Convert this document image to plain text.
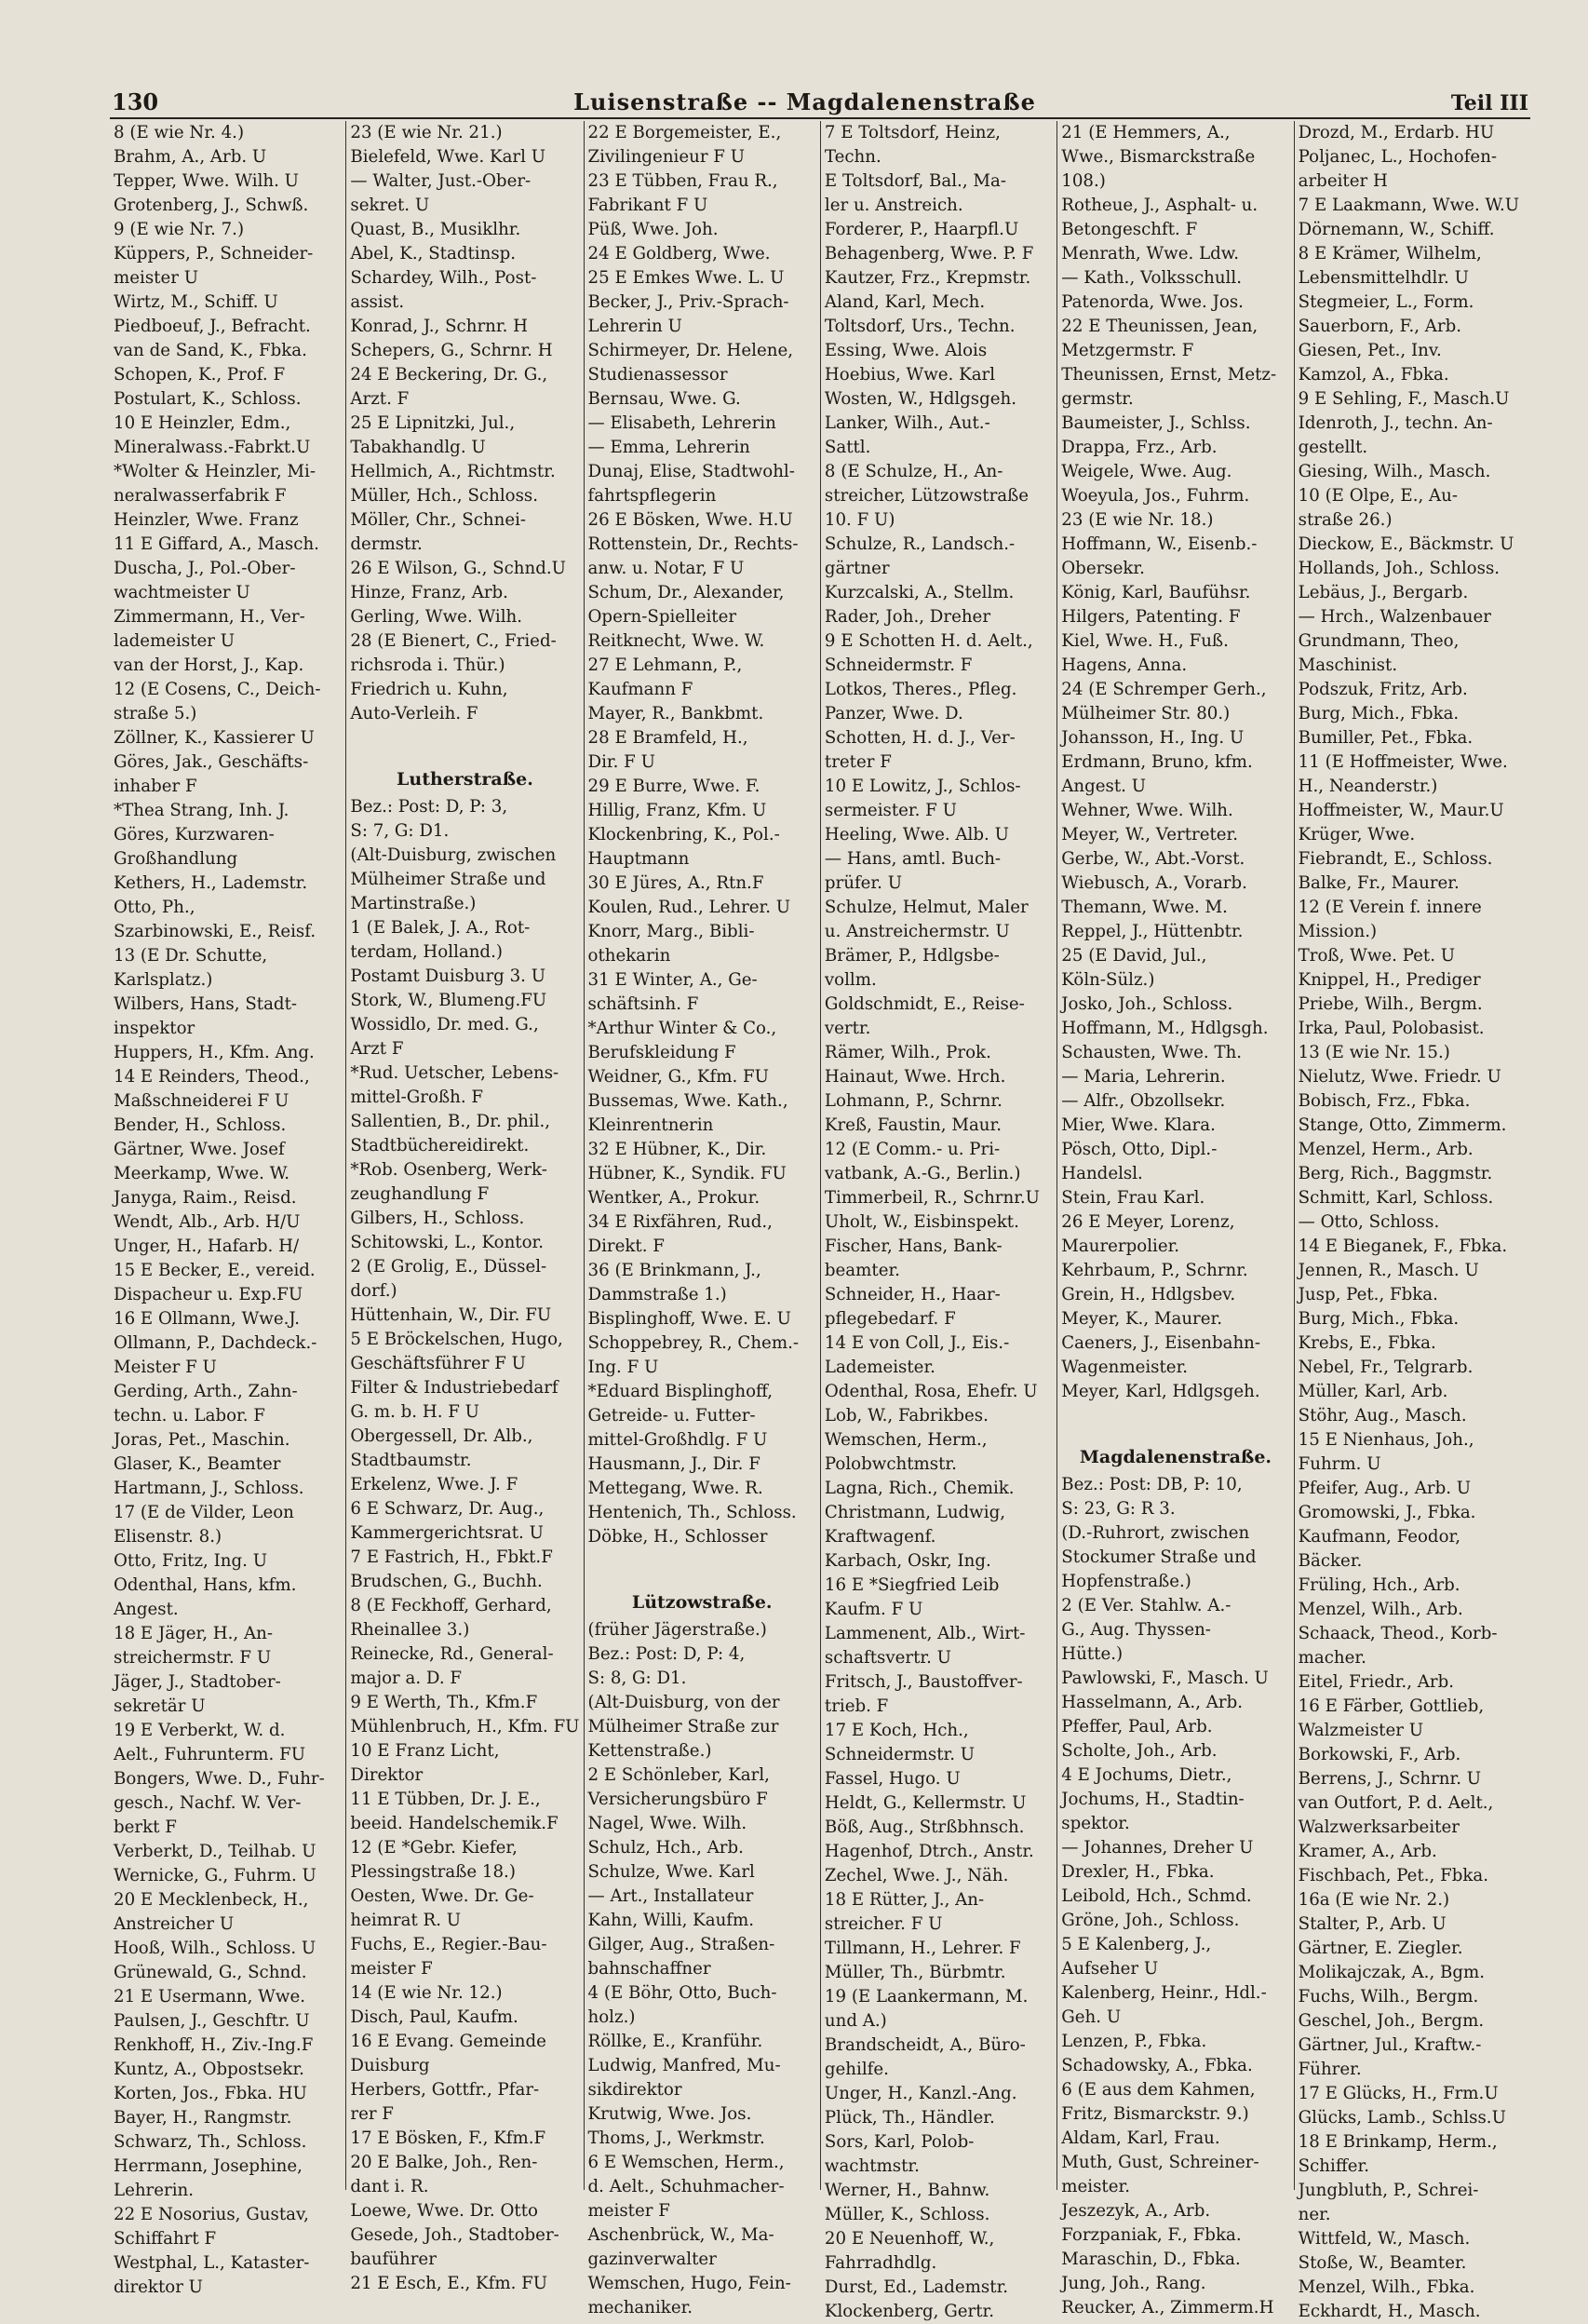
130	Luisenstraße -- Magdalenenstraße	Teil III
8 (E wie Nr. 4.)
Brahm, A., Arb. U
Tepper, Wwe. Wilh. U
Grotenberg, J., Schwß.
9 (E wie Nr. 7.)
Küppers, P., Schneider-
meister U
Wirtz, M., Schiff. U
Piedboeuf, J., Befracht.
van de Sand, K., Fbka.
Schopen, K., Prof. F
Postulart, K., Schloss.
10 E Heinzler, Edm.,
Mineralwass.-Fabrkt.U
*Wolter & Heinzler, Mi-
neralwasserfabrik F
Heinzler, Wwe. Franz
11 E Giffard, A., Masch.
Duscha, J., Pol.-Ober-
wachtmeister U
Zimmermann, H., Ver-
lademeister U
van der Horst, J., Kap.
12 (E Cosens, C., Deich-
straße 5.)
Zöllner, K., Kassierer U
Göres, Jak., Geschäfts-
inhaber F
*Thea Strang, Inh. J.
Göres, Kurzwaren-
Großhandlung
Kethers, H., Lademstr.
Otto, Ph.,
Szarbinowski, E., Reisf.
13 (E Dr. Schutte,
Karlsplatz.)
Wilbers, Hans, Stadt-
inspektor
Huppers, H., Kfm. Ang.
14 E Reinders, Theod.,
Maßschneiderei F U
Bender, H., Schloss.
Gärtner, Wwe. Josef
Meerkamp, Wwe. W.
Janyga, Raim., Reisd.
Wendt, Alb., Arb. H/U
Unger, H., Hafarb. H/
15 E Becker, E., vereid.
Dispacheur u. Exp.FU
16 E Ollmann, Wwe.J.
Ollmann, P., Dachdeck.-
Meister F U
Gerding, Arth., Zahn-
techn. u. Labor. F
Joras, Pet., Maschin.
Glaser, K., Beamter
Hartmann, J., Schloss.
17 (E de Vilder, Leon
Elisenstr. 8.)
Otto, Fritz, Ing. U
Odenthal, Hans, kfm.
Angest.
18 E Jäger, H., An-
streichermstr. F U
Jäger, J., Stadtober-
sekretär U
19 E Verberkt, W. d.
Aelt., Fuhrunterm. FU
Bongers, Wwe. D., Fuhr-
gesch., Nachf. W. Ver-
berkt F
Verberkt, D., Teilhab. U
Wernicke, G., Fuhrm. U
20 E Mecklenbeck, H.,
Anstreicher U
Hooß, Wilh., Schloss. U
Grünewald, G., Schnd.
21 E Usermann, Wwe.
Paulsen, J., Geschftr. U
Renkhoff, H., Ziv.-Ing.F
Kuntz, A., Obpostsekr.
Korten, Jos., Fbka. HU
Bayer, H., Rangmstr.
Schwarz, Th., Schloss.
Herrmann, Josephine,
Lehrerin.
22 E Nosorius, Gustav,
Schiffahrt F
Westphal, L., Kataster-
direktor U
23 (E wie Nr. 21.)
Bielefeld, Wwe. Karl U
— Walter, Just.-Ober-
sekret. U
Quast, B., Musiklhr.
Abel, K., Stadtinsp.
Schardey, Wilh., Post-
assist.
Konrad, J., Schrnr. H
Schepers, G., Schrnr. H
24 E Beckering, Dr. G.,
Arzt. F
25 E Lipnitzki, Jul.,
Tabakhandlg. U
Hellmich, A., Richtmstr.
Müller, Hch., Schloss.
Möller, Chr., Schnei-
dermstr.
26 E Wilson, G., Schnd.U
Hinze, Franz, Arb.
Gerling, Wwe. Wilh.
28 (E Bienert, C., Fried-
richsroda i. Thür.)
Friedrich u. Kuhn,
Auto-Verleih. F

Lutherstraße.
Bez.: Post: D, P: 3,
S: 7, G: D1.
(Alt-Duisburg, zwischen
Mülheimer Straße und
Martinstraße.)
1 (E Balek, J. A., Rot-
terdam, Holland.)
Postamt Duisburg 3. U
Stork, W., Blumeng.FU
Wossidlo, Dr. med. G.,
Arzt F
*Rud. Uetscher, Lebens-
mittel-Großh. F
Sallentien, B., Dr. phil.,
Stadtbüchereidirekt.
*Rob. Osenberg, Werk-
zeughandlung F
Gilbers, H., Schloss.
Schitowski, L., Kontor.
2 (E Grolig, E., Düssel-
dorf.)
Hüttenhain, W., Dir. FU
5 E Bröckelschen, Hugo,
Geschäftsführer F U
Filter & Industriebedarf
G. m. b. H. F U
Obergessell, Dr. Alb.,
Stadtbaumstr.
Erkelenz, Wwe. J. F
6 E Schwarz, Dr. Aug.,
Kammergerichtsrat. U
7 E Fastrich, H., Fbkt.F
Brudschen, G., Buchh.
8 (E Feckhoff, Gerhard,
Rheinallee 3.)
Reinecke, Rd., General-
major a. D. F
9 E Werth, Th., Kfm.F
Mühlenbruch, H., Kfm. FU
10 E Franz Licht,
Direktor
11 E Tübben, Dr. J. E.,
beeid. Handelschemik.F
12 (E *Gebr. Kiefer,
Plessingstraße 18.)
Oesten, Wwe. Dr. Ge-
heimrat R. U
Fuchs, E., Regier.-Bau-
meister F
14 (E wie Nr. 12.)
Disch, Paul, Kaufm.
16 E Evang. Gemeinde
Duisburg
Herbers, Gottfr., Pfar-
rer F
17 E Bösken, F., Kfm.F
20 E Balke, Joh., Ren-
dant i. R.
Loewe, Wwe. Dr. Otto
Gesede, Joh., Stadtober-
bauführer
21 E Esch, E., Kfm. FU
22 E Borgemeister, E.,
Zivilingenieur F U
23 E Tübben, Frau R.,
Fabrikant F U
Püß, Wwe. Joh.
24 E Goldberg, Wwe.
25 E Emkes Wwe. L. U
Becker, J., Priv.-Sprach-
Lehrerin U
Schirmeyer, Dr. Helene,
Studienassessor
Bernsau, Wwe. G.
— Elisabeth, Lehrerin
— Emma, Lehrerin
Dunaj, Elise, Stadtwohl-
fahrtspflegerin
26 E Bösken, Wwe. H.U
Rottenstein, Dr., Rechts-
anw. u. Notar, F U
Schum, Dr., Alexander,
Opern-Spielleiter
Reitknecht, Wwe. W.
27 E Lehmann, P.,
Kaufmann F
Mayer, R., Bankbmt.
28 E Bramfeld, H.,
Dir. F U
29 E Burre, Wwe. F.
Hillig, Franz, Kfm. U
Klockenbring, K., Pol.-
Hauptmann
30 E Jüres, A., Rtn.F
Koulen, Rud., Lehrer. U
Knorr, Marg., Bibli-
othekarin
31 E Winter, A., Ge-
schäftsinh. F
*Arthur Winter & Co.,
Berufskleidung F
Weidner, G., Kfm. FU
Bussemas, Wwe. Kath.,
Kleinrentnerin
32 E Hübner, K., Dir.
Hübner, K., Syndik. FU
Wentker, A., Prokur.
34 E Rixfähren, Rud.,
Direkt. F
36 (E Brinkmann, J.,
Dammstraße 1.)
Bisplinghoff, Wwe. E. U
Schoppebrey, R., Chem.-
Ing. F U
*Eduard Bisplinghoff,
Getreide- u. Futter-
mittel-Großhdlg. F U
Hausmann, J., Dir. F
Mettegang, Wwe. R.
Hentenich, Th., Schloss.
Döbke, H., Schlosser

Lützowstraße.
(früher Jägerstraße.)
Bez.: Post: D, P: 4,
S: 8, G: D1.
(Alt-Duisburg, von der
Mülheimer Straße zur
Kettenstraße.)
2 E Schönleber, Karl,
Versicherungsbüro F
Nagel, Wwe. Wilh.
Schulz, Hch., Arb.
Schulze, Wwe. Karl
— Art., Installateur
Kahn, Willi, Kaufm.
Gilger, Aug., Straßen-
bahnschaffner
4 (E Böhr, Otto, Buch-
holz.)
Röllke, E., Kranführ.
Ludwig, Manfred, Mu-
sikdirektor
Krutwig, Wwe. Jos.
Thoms, J., Werkmstr.
6 E Wemschen, Herm.,
d. Aelt., Schuhmacher-
meister F
Aschenbrück, W., Ma-
gazinverwalter
Wemschen, Hugo, Fein-
mechaniker.
7 E Toltsdorf, Heinz,
Techn.
E Toltsdorf, Bal., Ma-
ler u. Anstreich.
Forderer, P., Haarpfl.U
Behagenberg, Wwe. P. F
Kautzer, Frz., Krepmstr.
Aland, Karl, Mech.
Toltsdorf, Urs., Techn.
Essing, Wwe. Alois
Hoebius, Wwe. Karl
Wosten, W., Hdlgsgeh.
Lanker, Wilh., Aut.-
Sattl.
8 (E Schulze, H., An-
streicher, Lützowstraße
10. F U)
Schulze, R., Landsch.-
gärtner
Kurzcalski, A., Stellm.
Rader, Joh., Dreher
9 E Schotten H. d. Aelt.,
Schneidermstr. F
Lotkos, Theres., Pfleg.
Panzer, Wwe. D.
Schotten, H. d. J., Ver-
treter F
10 E Lowitz, J., Schlos-
sermeister. F U
Heeling, Wwe. Alb. U
— Hans, amtl. Buch-
prüfer. U
Schulze, Helmut, Maler
u. Anstreichermstr. U
Brämer, P., Hdlgsbe-
vollm.
Goldschmidt, E., Reise-
vertr.
Rämer, Wilh., Prok.
Hainaut, Wwe. Hrch.
Lohmann, P., Schrnr.
Kreß, Faustin, Maur.
12 (E Comm.- u. Pri-
vatbank, A.-G., Berlin.)
Timmerbeil, R., Schrnr.U
Uholt, W., Eisbinspekt.
Fischer, Hans, Bank-
beamter.
Schneider, H., Haar-
pflegebedarf. F
14 E von Coll, J., Eis.-
Lademeister.
Odenthal, Rosa, Ehefr. U
Lob, W., Fabrikbes.
Wemschen, Herm.,
Polobwchtmstr.
Lagna, Rich., Chemik.
Christmann, Ludwig,
Kraftwagenf.
Karbach, Oskr, Ing.
16 E *Siegfried Leib
Kaufm. F U
Lammenent, Alb., Wirt-
schaftsvertr. U
Fritsch, J., Baustoffver-
trieb. F
17 E Koch, Hch.,
Schneidermstr. U
Fassel, Hugo. U
Heldt, G., Kellermstr. U
Böß, Aug., Strßbhnsch.
Hagenhof, Dtrch., Anstr.
Zechel, Wwe. J., Näh.
18 E Rütter, J., An-
streicher. F U
Tillmann, H., Lehrer. F
Müller, Th., Bürbmtr.
19 (E Laankermann, M.
und A.)
Brandscheidt, A., Büro-
gehilfe.
Unger, H., Kanzl.-Ang.
Plück, Th., Händler.
Sors, Karl, Polob-
wachtmstr.
Werner, H., Bahnw.
Müller, K., Schloss.
20 E Neuenhoff, W.,
Fahrradhdlg.
Durst, Ed., Lademstr.
Klockenberg, Gertr.
21 (E Hemmers, A.,
Wwe., Bismarckstraße
108.)
Rotheue, J., Asphalt- u.
Betongeschft. F
Menrath, Wwe. Ldw.
— Kath., Volksschull.
Patenorda, Wwe. Jos.
22 E Theunissen, Jean,
Metzgermstr. F
Theunissen, Ernst, Metz-
germstr.
Baumeister, J., Schlss.
Drappa, Frz., Arb.
Weigele, Wwe. Aug.
Woeyula, Jos., Fuhrm.
23 (E wie Nr. 18.)
Hoffmann, W., Eisenb.-
Obersekr.
König, Karl, Baufühsr.
Hilgers, Patenting. F
Kiel, Wwe. H., Fuß.
Hagens, Anna.
24 (E Schremper Gerh.,
Mülheimer Str. 80.)
Johansson, H., Ing. U
Erdmann, Bruno, kfm.
Angest. U
Wehner, Wwe. Wilh.
Meyer, W., Vertreter.
Gerbe, W., Abt.-Vorst.
Wiebusch, A., Vorarb.
Themann, Wwe. M.
Reppel, J., Hüttenbtr.
25 (E David, Jul.,
Köln-Sülz.)
Josko, Joh., Schloss.
Hoffmann, M., Hdlgsgh.
Schausten, Wwe. Th.
— Maria, Lehrerin.
— Alfr., Obzollsekr.
Mier, Wwe. Klara.
Pösch, Otto, Dipl.-
Handelsl.
Stein, Frau Karl.
26 E Meyer, Lorenz,
Maurerpolier.
Kehrbaum, P., Schrnr.
Grein, H., Hdlgsbev.
Meyer, K., Maurer.
Caeners, J., Eisenbahn-
Wagenmeister.
Meyer, Karl, Hdlgsgeh.

Magdalenenstraße.
Bez.: Post: DB, P: 10,
S: 23, G: R 3.
(D.-Ruhrort, zwischen
Stockumer Straße und
Hopfenstraße.)
2 (E Ver. Stahlw. A.-
G., Aug. Thyssen-
Hütte.)
Pawlowski, F., Masch. U
Hasselmann, A., Arb.
Pfeffer, Paul, Arb.
Scholte, Joh., Arb.
4 E Jochums, Dietr.,
Jochums, H., Stadtin-
spektor.
— Johannes, Dreher U
Drexler, H., Fbka.
Leibold, Hch., Schmd.
Gröne, Joh., Schloss.
5 E Kalenberg, J.,
Aufseher U
Kalenberg, Heinr., Hdl.-
Geh. U
Lenzen, P., Fbka.
Schadowsky, A., Fbka.
6 (E aus dem Kahmen,
Fritz, Bismarckstr. 9.)
Aldam, Karl, Frau.
Muth, Gust, Schreiner-
meister.
Jeszezyk, A., Arb.
Forzpaniak, F., Fbka.
Maraschin, D., Fbka.
Jung, Joh., Rang.
Reucker, A., Zimmerm.H
Drozd, M., Erdarb. HU
Poljanec, L., Hochofen-
arbeiter H
7 E Laakmann, Wwe. W.U
Dörnemann, W., Schiff.
8 E Krämer, Wilhelm,
Lebensmittelhdlr. U
Stegmeier, L., Form.
Sauerborn, F., Arb.
Giesen, Pet., Inv.
Kamzol, A., Fbka.
9 E Sehling, F., Masch.U
Idenroth, J., techn. An-
gestellt.
Giesing, Wilh., Masch.
10 (E Olpe, E., Au-
straße 26.)
Dieckow, E., Bäckmstr. U
Hollands, Joh., Schloss.
Lebäus, J., Bergarb.
— Hrch., Walzenbauer
Grundmann, Theo,
Maschinist.
Podszuk, Fritz, Arb.
Burg, Mich., Fbka.
Bumiller, Pet., Fbka.
11 (E Hoffmeister, Wwe.
H., Neanderstr.)
Hoffmeister, W., Maur.U
Krüger, Wwe.
Fiebrandt, E., Schloss.
Balke, Fr., Maurer.
12 (E Verein f. innere
Mission.)
Troß, Wwe. Pet. U
Knippel, H., Prediger
Priebe, Wilh., Bergm.
Irka, Paul, Polobasist.
13 (E wie Nr. 15.)
Nielutz, Wwe. Friedr. U
Bobisch, Frz., Fbka.
Stange, Otto, Zimmerm.
Menzel, Herm., Arb.
Berg, Rich., Baggmstr.
Schmitt, Karl, Schloss.
— Otto, Schloss.
14 E Bieganek, F., Fbka.
Jennen, R., Masch. U
Jusp, Pet., Fbka.
Burg, Mich., Fbka.
Krebs, E., Fbka.
Nebel, Fr., Telgrarb.
Müller, Karl, Arb.
Stöhr, Aug., Masch.
15 E Nienhaus, Joh.,
Fuhrm. U
Pfeifer, Aug., Arb. U
Gromowski, J., Fbka.
Kaufmann, Feodor,
Bäcker.
Früling, Hch., Arb.
Menzel, Wilh., Arb.
Schaack, Theod., Korb-
macher.
Eitel, Friedr., Arb.
16 E Färber, Gottlieb,
Walzmeister U
Borkowski, F., Arb.
Berrens, J., Schrnr. U
van Outfort, P. d. Aelt.,
Walzwerksarbeiter
Kramer, A., Arb.
Fischbach, Pet., Fbka.
16a (E wie Nr. 2.)
Stalter, P., Arb. U
Gärtner, E. Ziegler.
Molikajczak, A., Bgm.
Fuchs, Wilh., Bergm.
Geschel, Joh., Bergm.
Gärtner, Jul., Kraftw.-
Führer.
17 E Glücks, H., Frm.U
Glücks, Lamb., Schlss.U
18 E Brinkamp, Herm.,
Schiffer.
Jungbluth, P., Schrei-
ner.
Wittfeld, W., Masch.
Stoße, W., Beamter.
Menzel, Wilh., Fbka.
Eckhardt, H., Masch.
